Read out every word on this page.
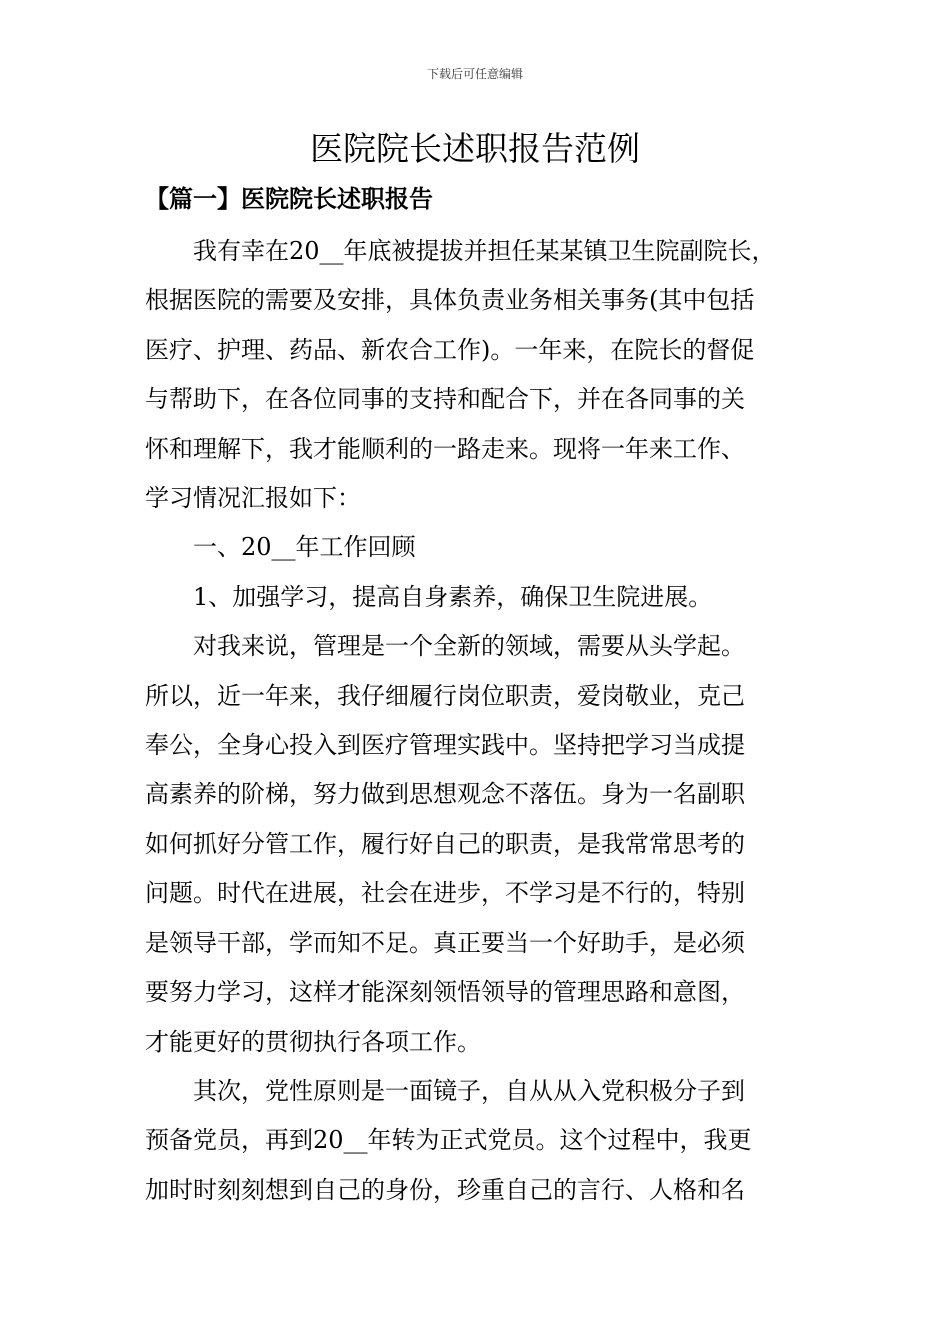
下载后可任意编辑
医院院长述职报告范例
【篇一】医院院长述职报告
我有幸在20__年底被提拔并担任某某镇卫生院副院长，
根据医院的需要及安排，具体负责业务相关事务(其中包括
医疗、护理、药品、新农合工作)。一年来，在院长的督促
与帮助下，在各位同事的支持和配合下，并在各同事的关
怀和理解下，我才能顺利的一路走来。现将一年来工作、
学习情况汇报如下：
一、20__年工作回顾
1、加强学习，提高自身素养，确保卫生院进展。
对我来说，管理是一个全新的领域，需要从头学起。
所以，近一年来，我仔细履行岗位职责，爱岗敬业，克己
奉公，全身心投入到医疗管理实践中。坚持把学习当成提
高素养的阶梯，努力做到思想观念不落伍。身为一名副职
如何抓好分管工作，履行好自己的职责，是我常常思考的
问题。时代在进展，社会在进步，不学习是不行的，特别
是领导干部，学而知不足。真正要当一个好助手，是必须
要努力学习，这样才能深刻领悟领导的管理思路和意图，
才能更好的贯彻执行各项工作。
其次，党性原则是一面镜子，自从从入党积极分子到
预备党员，再到20__年转为正式党员。这个过程中，我更
加时时刻刻想到自己的身份，珍重自己的言行、人格和名
